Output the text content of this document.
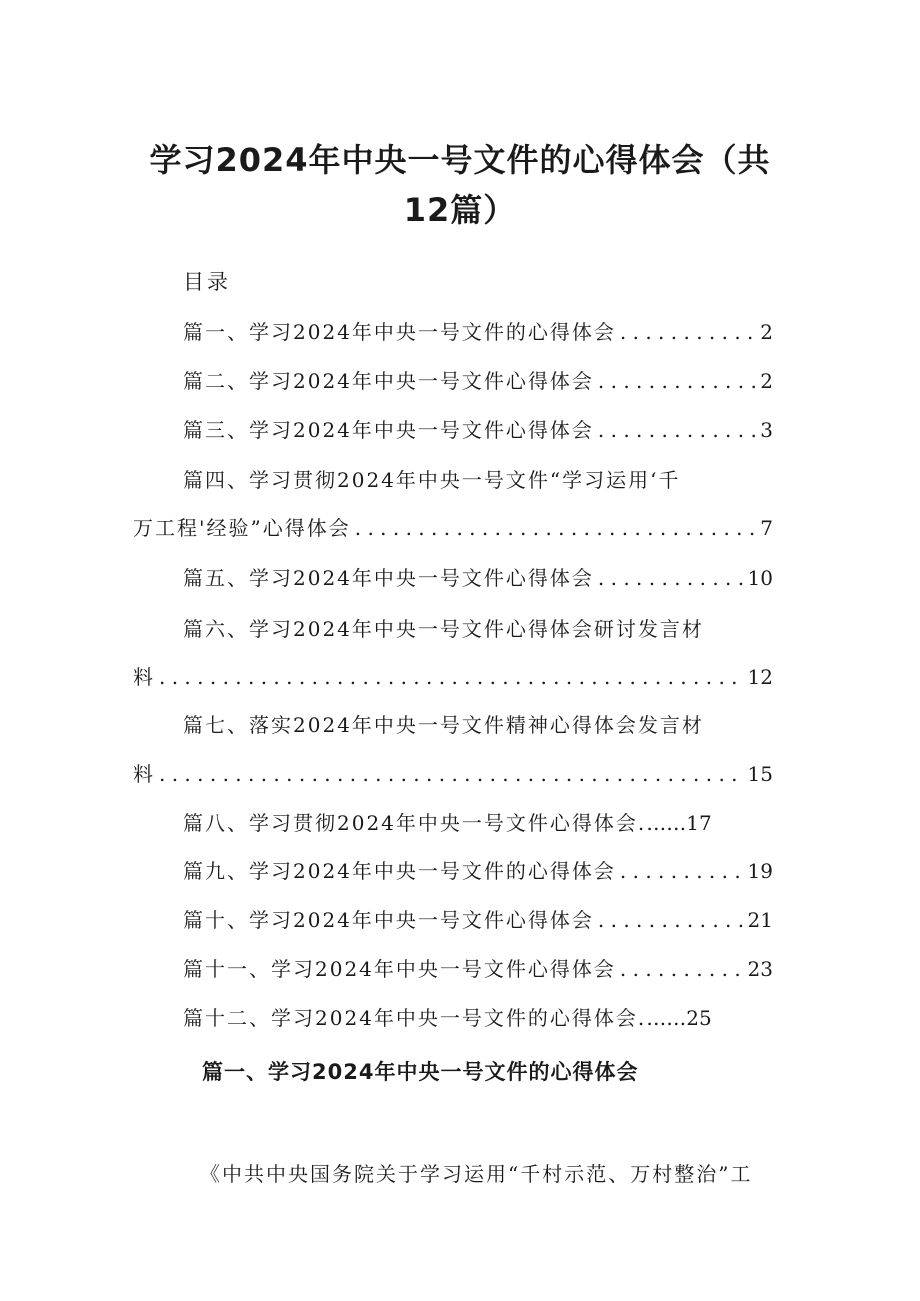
学习2024年中央一号文件的心得体会（共
12篇）
目录
篇一、学习2024年中央一号文件的心得体会 . . .	2
篇二、学习2024年中央一号文件心得体会 . . .	2
篇三、学习2024年中央一号文件心得体会 . . .	3
篇四、学习贯彻2024年中央一号文件“学习运用‘千
万工程'经验”心得体会 . . .	7
篇五、学习2024年中央一号文件心得体会 . . .	10
篇六、学习2024年中央一号文件心得体会研讨发言材
料 . . .	12
篇七、落实2024年中央一号文件精神心得体会发言材
料 . . .	15
篇八、学习贯彻2024年中央一号文件心得体会. ……17
篇九、学习2024年中央一号文件的心得体会 . . .	19
篇十、学习2024年中央一号文件心得体会 . . .	21
篇十一、学习2024年中央一号文件心得体会 . . .	23
篇十二、学习2024年中央一号文件的心得体会. ……25
篇一、学习2024年中央一号文件的心得体会
《中共中央国务院关于学习运用“千村示范、万村整治”工
